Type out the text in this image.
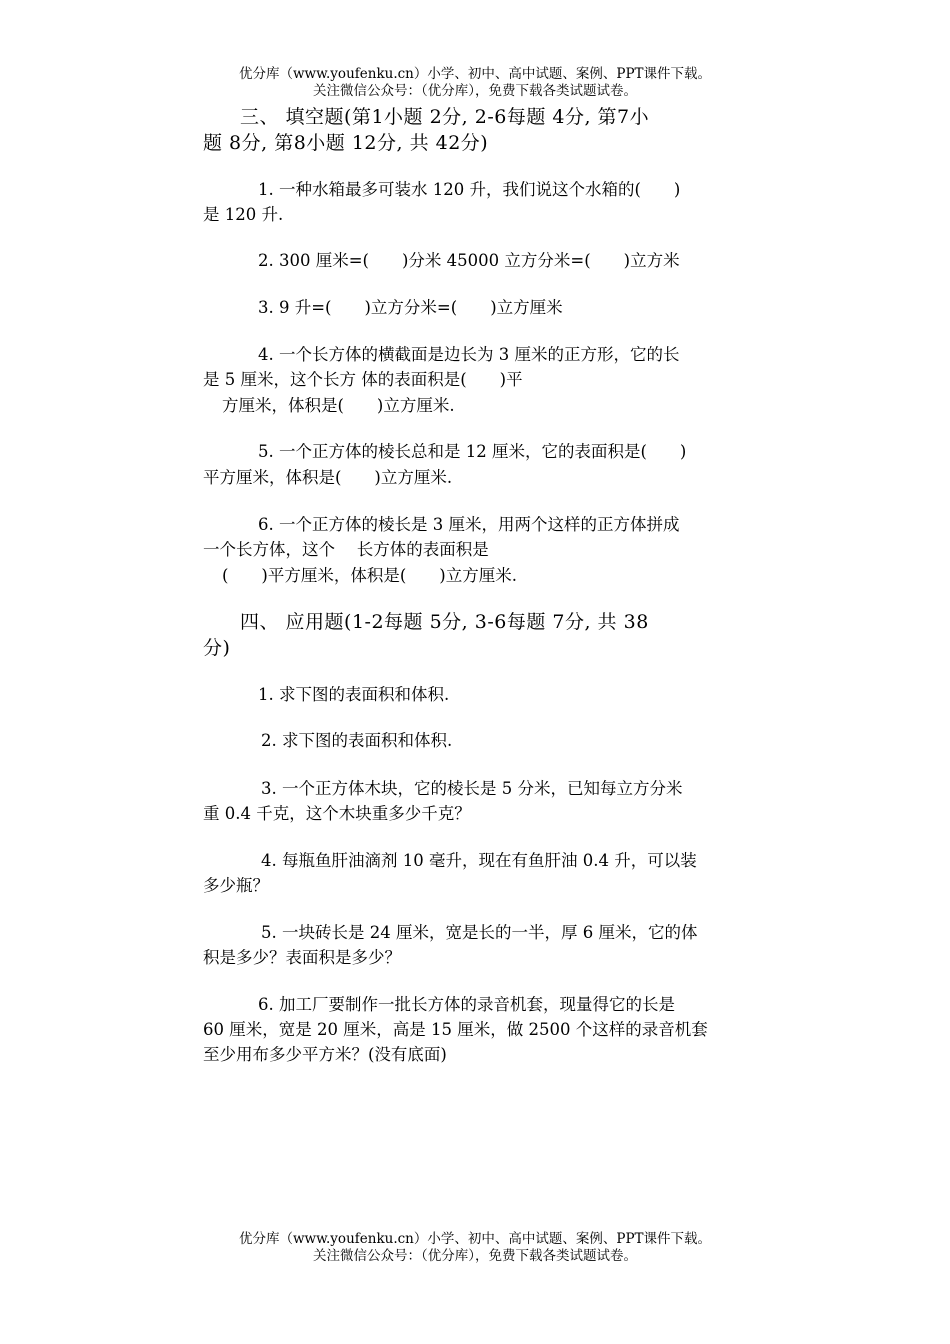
优分库（www.youfenku.cn）小学、初中、高中试题、案例、PPT课件下载。
关注微信公众号：（优分库），免费下载各类试题试卷。
三、 填空题(第1小题 2分, 2-6每题 4分, 第7小
题 8分, 第8小题 12分, 共 42分)
1. 一种水箱最多可装水 120 升，我们说这个水箱的(　　)
是 120 升.
2. 300 厘米=(　　)分米 45000 立方分米=(　　)立方米
3. 9 升=(　　)立方分米=(　　)立方厘米
4. 一个长方体的横截面是边长为 3 厘米的正方形，它的长
是 5 厘米，这个长方 体的表面积是(　　)平
方厘米，体积是(　　)立方厘米.
5. 一个正方体的棱长总和是 12 厘米，它的表面积是(　　)
平方厘米，体积是(　　)立方厘米.
6. 一个正方体的棱长是 3 厘米，用两个这样的正方体拼成
一个长方体，这个　 长方体的表面积是
(　　)平方厘米，体积是(　　)立方厘米.
四、 应用题(1-2每题 5分, 3-6每题 7分, 共 38
分)
1. 求下图的表面积和体积.
2. 求下图的表面积和体积.
3. 一个正方体木块，它的棱长是 5 分米，已知每立方分米
重 0.4 千克，这个木块重多少千克？
4. 每瓶鱼肝油滴剂 10 毫升，现在有鱼肝油 0.4 升，可以装
多少瓶？
5. 一块砖长是 24 厘米，宽是长的一半，厚 6 厘米，它的体
积是多少？表面积是多少？
6. 加工厂要制作一批长方体的录音机套，现量得它的长是
60 厘米，宽是 20 厘米，高是 15 厘米，做 2500 个这样的录音机套
至少用布多少平方米？(没有底面)
优分库（www.youfenku.cn）小学、初中、高中试题、案例、PPT课件下载。
关注微信公众号：（优分库），免费下载各类试题试卷。
